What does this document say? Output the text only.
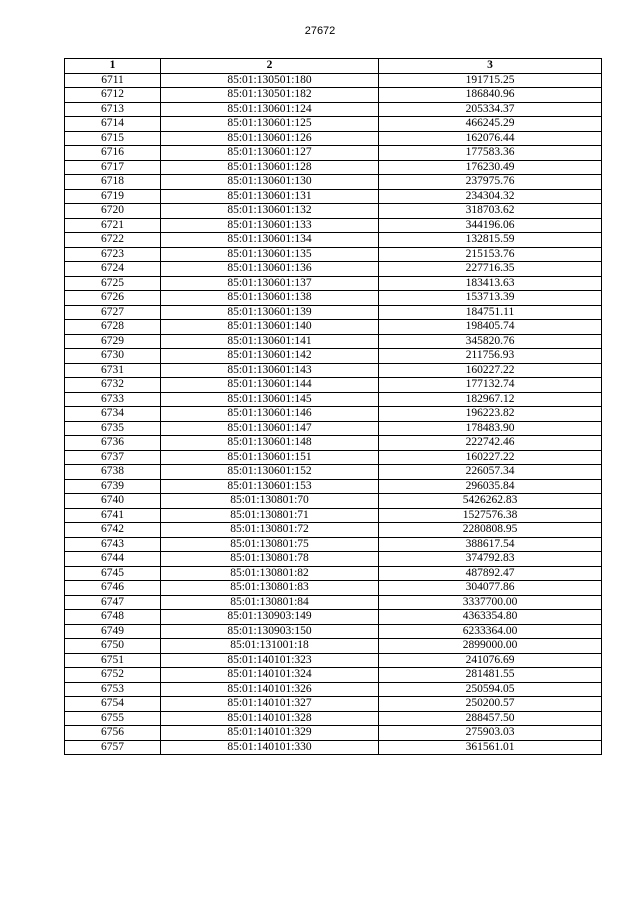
27672
1	2	3
6711	85:01:130501:180	191715.25
6712	85:01:130501:182	186840.96
6713	85:01:130601:124	205334.37
6714	85:01:130601:125	466245.29
6715	85:01:130601:126	162076.44
6716	85:01:130601:127	177583.36
6717	85:01:130601:128	176230.49
6718	85:01:130601:130	237975.76
6719	85:01:130601:131	234304.32
6720	85:01:130601:132	318703.62
6721	85:01:130601:133	344196.06
6722	85:01:130601:134	132815.59
6723	85:01:130601:135	215153.76
6724	85:01:130601:136	227716.35
6725	85:01:130601:137	183413.63
6726	85:01:130601:138	153713.39
6727	85:01:130601:139	184751.11
6728	85:01:130601:140	198405.74
6729	85:01:130601:141	345820.76
6730	85:01:130601:142	211756.93
6731	85:01:130601:143	160227.22
6732	85:01:130601:144	177132.74
6733	85:01:130601:145	182967.12
6734	85:01:130601:146	196223.82
6735	85:01:130601:147	178483.90
6736	85:01:130601:148	222742.46
6737	85:01:130601:151	160227.22
6738	85:01:130601:152	226057.34
6739	85:01:130601:153	296035.84
6740	85:01:130801:70	5426262.83
6741	85:01:130801:71	1527576.38
6742	85:01:130801:72	2280808.95
6743	85:01:130801:75	388617.54
6744	85:01:130801:78	374792.83
6745	85:01:130801:82	487892.47
6746	85:01:130801:83	304077.86
6747	85:01:130801:84	3337700.00
6748	85:01:130903:149	4363354.80
6749	85:01:130903:150	6233364.00
6750	85:01:131001:18	2899000.00
6751	85:01:140101:323	241076.69
6752	85:01:140101:324	281481.55
6753	85:01:140101:326	250594.05
6754	85:01:140101:327	250200.57
6755	85:01:140101:328	288457.50
6756	85:01:140101:329	275903.03
6757	85:01:140101:330	361561.01
